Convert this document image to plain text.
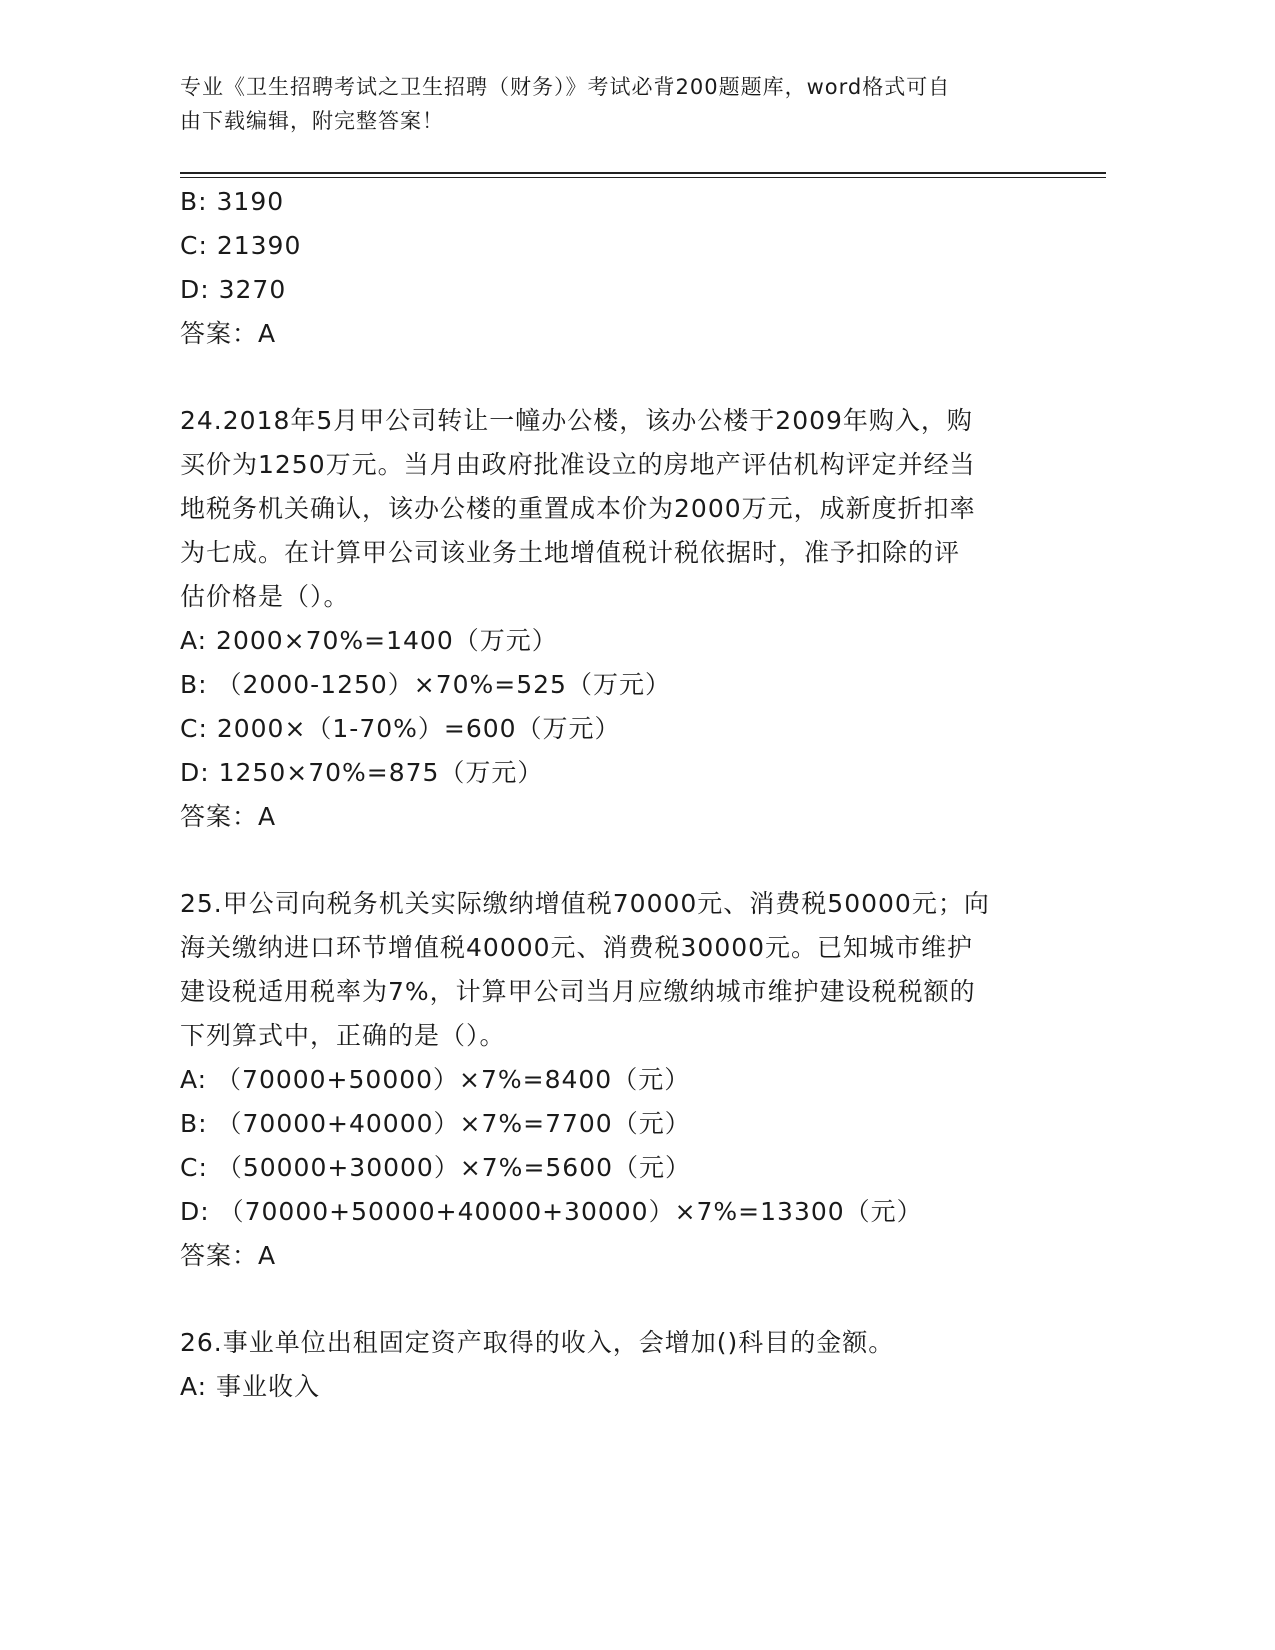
专业《卫生招聘考试之卫生招聘（财务）》考试必背200题题库，word格式可自
由下载编辑，附完整答案！
B: 3190
C: 21390
D: 3270
答案：A
24.2018年5月甲公司转让一幢办公楼，该办公楼于2009年购入，购
买价为1250万元。当月由政府批准设立的房地产评估机构评定并经当
地税务机关确认，该办公楼的重置成本价为2000万元，成新度折扣率
为七成。在计算甲公司该业务土地增值税计税依据时，准予扣除的评
估价格是（）。
A: 2000×70%=1400（万元）
B: （2000-1250）×70%=525（万元）
C: 2000×（1-70%）=600（万元）
D: 1250×70%=875（万元）
答案：A
25.甲公司向税务机关实际缴纳增值税70000元、消费税50000元；向
海关缴纳进口环节增值税40000元、消费税30000元。已知城市维护
建设税适用税率为7%，计算甲公司当月应缴纳城市维护建设税税额的
下列算式中，正确的是（）。
A: （70000+50000）×7%=8400（元）
B: （70000+40000）×7%=7700（元）
C: （50000+30000）×7%=5600（元）
D: （70000+50000+40000+30000）×7%=13300（元）
答案：A
26.事业单位出租固定资产取得的收入，会增加()科目的金额。
A: 事业收入
